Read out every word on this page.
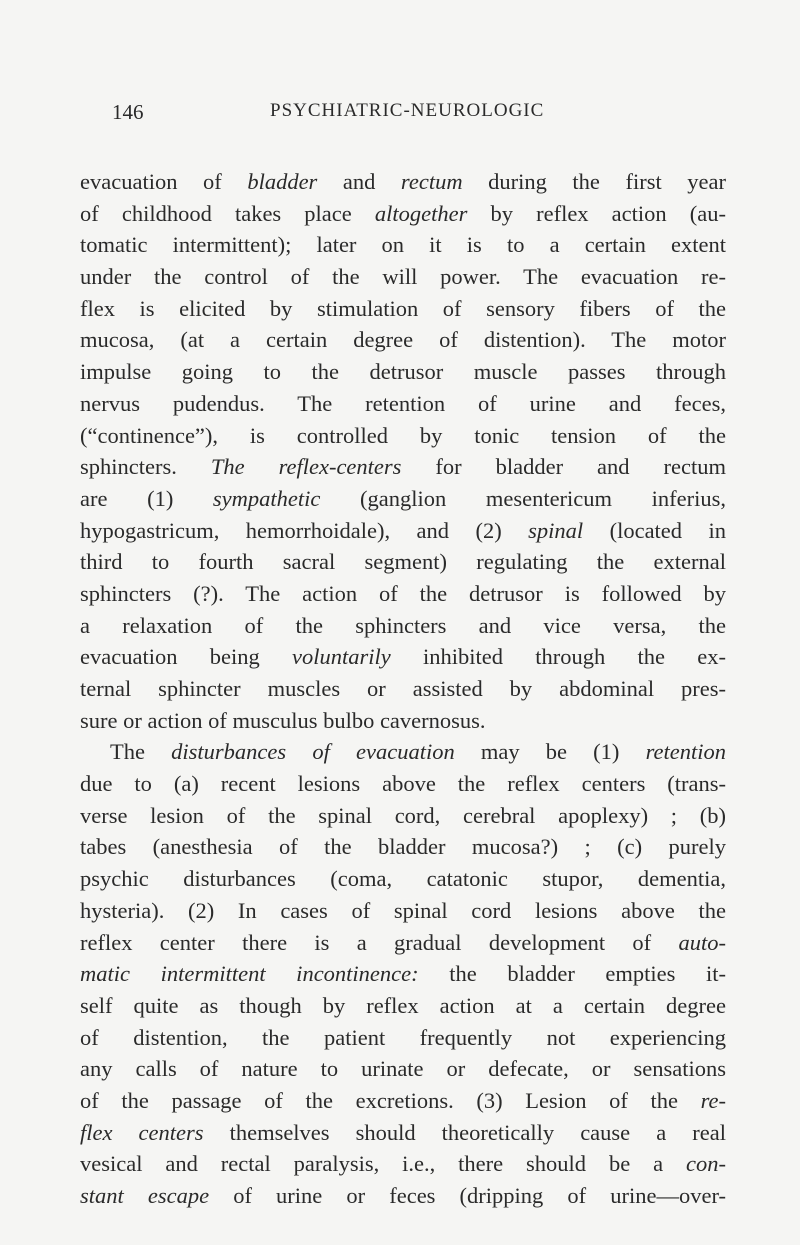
146	PSYCHIATRIC-NEUROLOGIC
evacuation of bladder and rectum during the first year
of childhood takes place altogether by reflex action (au-
tomatic intermittent); later on it is to a certain extent
under the control of the will power. The evacuation re-
flex is elicited by stimulation of sensory fibers of the
mucosa, (at a certain degree of distention). The motor
impulse going to the detrusor muscle passes through
nervus pudendus. The retention of urine and feces,
(“continence”), is controlled by tonic tension of the
sphincters. The reflex-centers for bladder and rectum
are (1) sympathetic (ganglion mesentericum inferius,
hypogastricum, hemorrhoidale), and (2) spinal (located in
third to fourth sacral segment) regulating the external
sphincters (?). The action of the detrusor is followed by
a relaxation of the sphincters and vice versa, the
evacuation being voluntarily inhibited through the ex-
ternal sphincter muscles or assisted by abdominal pres-
sure or action of musculus bulbo cavernosus.
The disturbances of evacuation may be (1) retention
due to (a) recent lesions above the reflex centers (trans-
verse lesion of the spinal cord, cerebral apoplexy) ; (b)
tabes (anesthesia of the bladder mucosa?) ; (c) purely
psychic disturbances (coma, catatonic stupor, dementia,
hysteria). (2) In cases of spinal cord lesions above the
reflex center there is a gradual development of auto-
matic intermittent incontinence: the bladder empties it-
self quite as though by reflex action at a certain degree
of distention, the patient frequently not experiencing
any calls of nature to urinate or defecate, or sensations
of the passage of the excretions. (3) Lesion of the re-
flex centers themselves should theoretically cause a real
vesical and rectal paralysis, i.e., there should be a con-
stant escape of urine or feces (dripping of urine—over-
